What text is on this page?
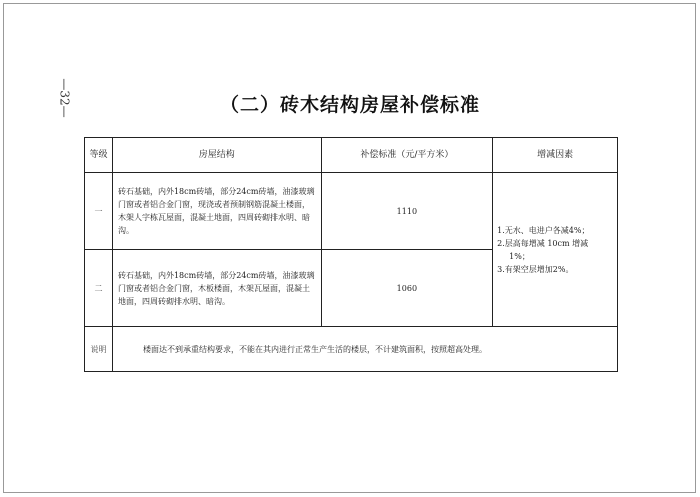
—32—	（二）砖木结构房屋补偿标准
等级	房屋结构	补偿标准（元/平方米）	增减因素
一	砖石基础，内外18cm砖墙，部分24cm砖墙，油漆玻璃门窗或者铝合金门窗，现浇或者预制钢筋混凝土楼面，木架人字栋瓦屋面，混凝土地面，四周砖砌排水明、暗沟。	1110	1.无水、电进户各减4%；
2.层高每增减 10cm 增减
1%；
3.有架空层增加2%。

二	砖石基础，内外18cm砖墙，部分24cm砖墙，油漆玻璃门窗或者铝合金门窗，木板楼面，木架瓦屋面，混凝土地面，四周砖砌排水明、暗沟。	1060	
说明	楼面达不到承重结构要求，不能在其内进行正常生产生活的楼层，不计建筑面积，按照超高处理。		
